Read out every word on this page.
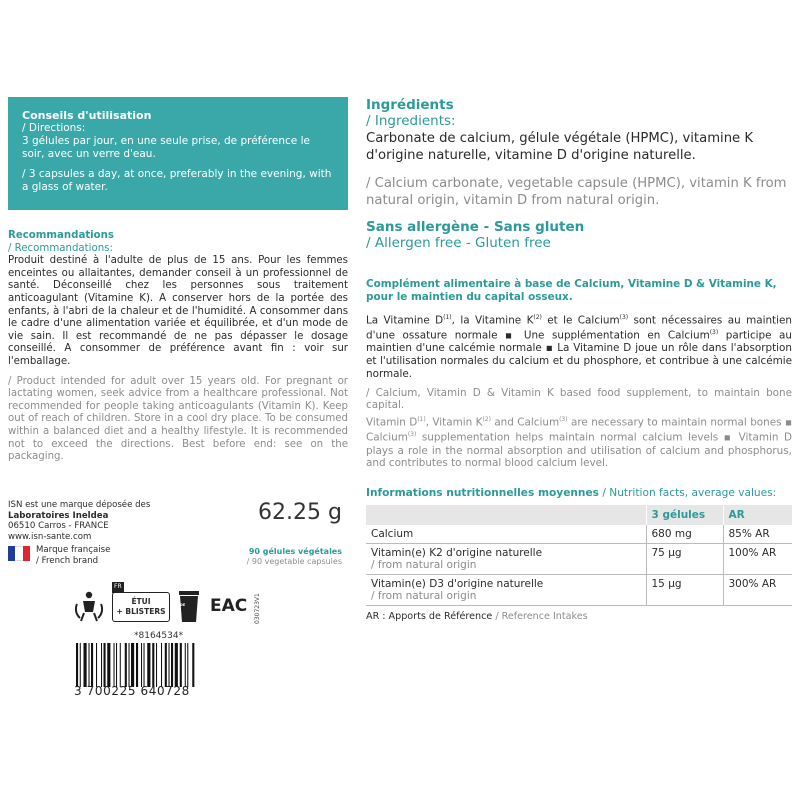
Conseils d'utilisation
/ Directions:
3 gélules par jour, en une seule prise, de préférence le soir, avec un verre d'eau.
/ 3 capsules a day, at once, preferably in the evening, with a glass of water.
Recommandations
/ Recommandations:
Produit destiné à l'adulte de plus de 15 ans. Pour les femmes enceintes ou allaitantes, demander conseil à un professionnel de santé. Déconseillé chez les personnes sous traitement anticoagulant (Vitamine K). A conserver hors de la portée des enfants, à l'abri de la chaleur et de l'humidité. A consommer dans le cadre d'une alimentation variée et équilibrée, et d'un mode de vie sain. Il est recommandé de ne pas dépasser le dosage conseillé. A consommer de préférence avant fin : voir sur l'emballage.
/ Product intended for adult over 15 years old. For pregnant or lactating women, seek advice from a healthcare professional. Not recommended for people taking anticoagulants (Vitamin K). Keep out of reach of children. Store in a cool dry place. To be consumed within a balanced diet and a healthy lifestyle. It is recommended not to exceed the directions. Best before end: see on the packaging.
ISN est une marque déposée des
Laboratoires Ineldea
06510 Carros - FRANCE
www.isn-sante.com
Marque française
/ French brand
62.25 g
90 gélules végétales
/ 90 vegetable capsules
FR
ÉTUI
+ BLISTERS
BAC DE TRI	EAC 030723V1
*8164534*
3 700225 640728
Ingrédients
/ Ingredients:
Carbonate de calcium, gélule végétale (HPMC), vitamine K d'origine naturelle, vitamine D d'origine naturelle.
/ Calcium carbonate, vegetable capsule (HPMC), vitamin K from natural origin, vitamin D from natural origin.
Sans allergène - Sans gluten
/ Allergen free - Gluten free
Complément alimentaire à base de Calcium, Vitamine D & Vitamine K, pour le maintien du capital osseux.

La Vitamine $D^{(1)}$, la Vitamine $K^{(2)}$ et le Calcium$^{(3)}$ sont nécessaires au maintien d'une ossature normale ▪ Une supplémentation en Calcium$^{(3)}$ participe au maintien d'une calcémie normale ▪ La Vitamine D joue un rôle dans l'absorption et l'utilisation normales du calcium et du phosphore, et contribue à une calcémie normale.

/ Calcium, Vitamin D & Vitamin K based food supplement, to maintain bone capital.

Vitamin $D^{(1)}$, Vitamin $K^{(2)}$ and Calcium$^{(3)}$ are necessary to maintain normal bones ▪ Calcium$^{(3)}$ supplementation helps maintain normal calcium levels ▪ Vitamin D plays a role in the normal absorption and utilisation of calcium and phosphorus, and contributes to normal blood calcium level.

Informations nutritionnelles moyennes / Nutrition facts, average values:
	3 gélules	AR
Calcium	680 mg	85% AR
Vitamin(e) K2 d'origine naturelle
/ from natural origin	75 µg	100% AR
Vitamin(e) D3 d'origine naturelle
/ from natural origin	15 µg	300% AR
AR : Apports de Référence / Reference Intakes
